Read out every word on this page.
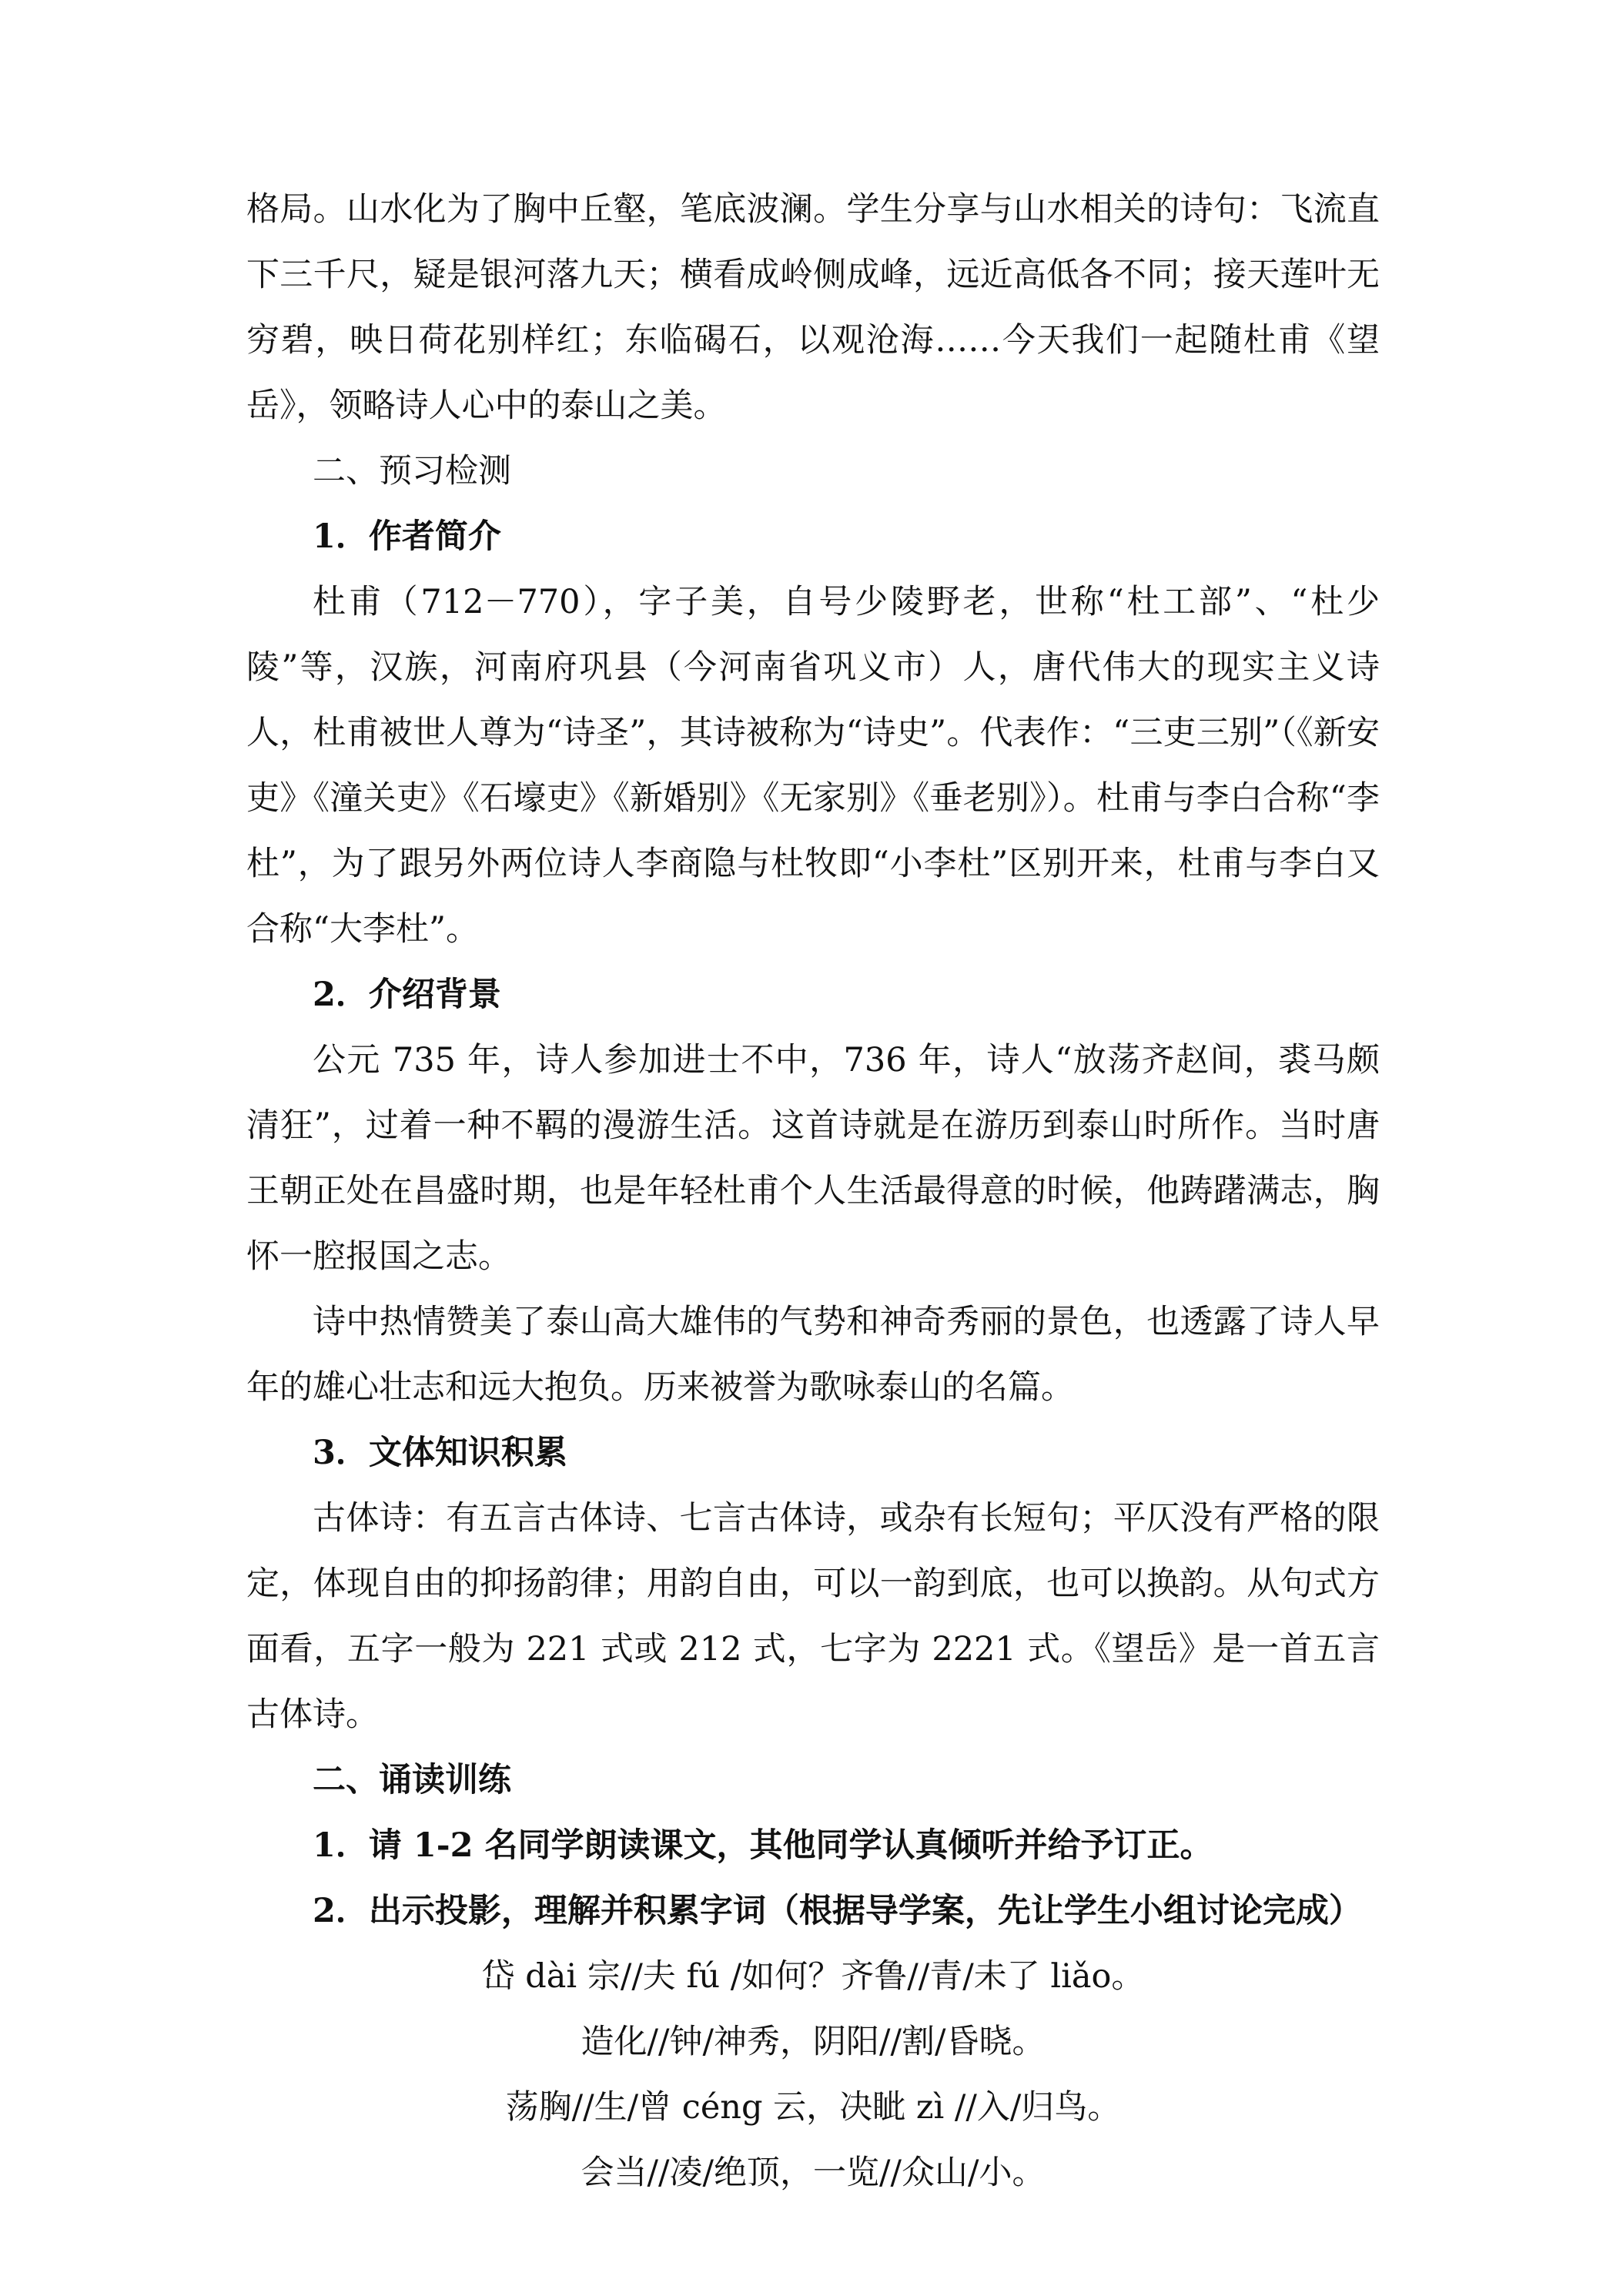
格局。山水化为了胸中丘壑，笔底波澜。学生分享与山水相关的诗句：飞流直下三千尺，疑是银河落九天；横看成岭侧成峰，远近高低各不同；接天莲叶无穷碧，映日荷花别样红；东临碣石，以观沧海……今天我们一起随杜甫《望岳》，领略诗人心中的泰山之美。

二、预习检测

1．作者简介

杜甫（712－770），字子美，自号少陵野老，世称“杜工部”、“杜少陵”等，汉族，河南府巩县（今河南省巩义市）人，唐代伟大的现实主义诗人，杜甫被世人尊为“诗圣”，其诗被称为“诗史”。代表作：“三吏三别”（《新安吏》《潼关吏》《石壕吏》《新婚别》《无家别》《垂老别》）。杜甫与李白合称“李杜”，为了跟另外两位诗人李商隐与杜牧即“小李杜”区别开来，杜甫与李白又合称“大李杜”。

2．介绍背景

公元 735 年，诗人参加进士不中，736 年，诗人“放荡齐赵间，裘马颇清狂”，过着一种不羁的漫游生活。这首诗就是在游历到泰山时所作。当时唐王朝正处在昌盛时期，也是年轻杜甫个人生活最得意的时候，他踌躇满志，胸怀一腔报国之志。

诗中热情赞美了泰山高大雄伟的气势和神奇秀丽的景色，也透露了诗人早年的雄心壮志和远大抱负。历来被誉为歌咏泰山的名篇。

3．文体知识积累

古体诗：有五言古体诗、七言古体诗，或杂有长短句；平仄没有严格的限定，体现自由的抑扬韵律；用韵自由，可以一韵到底，也可以换韵。从句式方面看，五字一般为 221 式或 212 式，七字为 2221 式。《望岳》是一首五言古体诗。

二、诵读训练

1．请 1-2 名同学朗读课文，其他同学认真倾听并给予订正。

2．出示投影，理解并积累字词（根据导学案，先让学生小组讨论完成）

岱 dài 宗//夫 fú /如何？齐鲁//青/未了 liǎo。

造化//钟/神秀，阴阳//割/昏晓。

荡胸//生/曾 céng 云，决眦 zì //入/归鸟。

会当//凌/绝顶，一览//众山/小。
